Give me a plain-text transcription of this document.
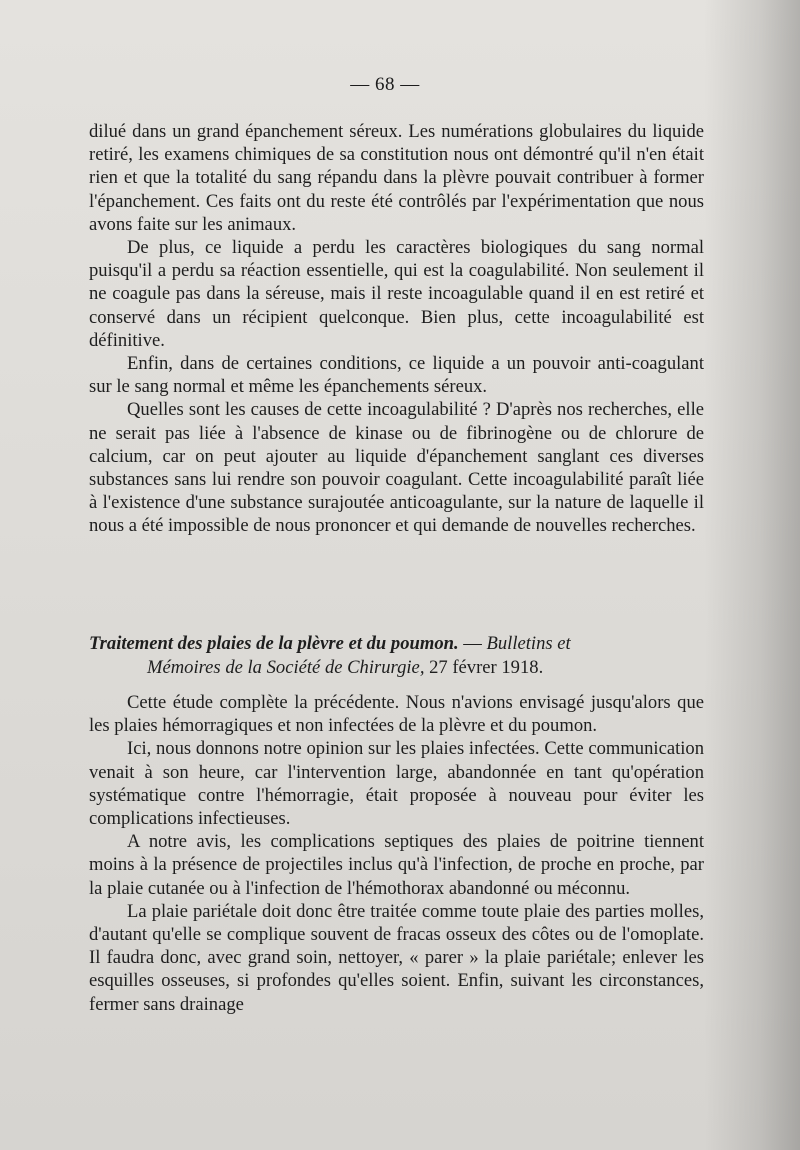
— 68 —

dilué dans un grand épanchement séreux. Les numérations globulaires du liquide retiré, les examens chimiques de sa constitution nous ont démontré qu'il n'en était rien et que la totalité du sang répandu dans la plèvre pouvait contribuer à former l'épanchement. Ces faits ont du reste été contrôlés par l'expérimentation que nous avons faite sur les animaux.

De plus, ce liquide a perdu les caractères biologiques du sang normal puisqu'il a perdu sa réaction essentielle, qui est la coagulabilité. Non seulement il ne coagule pas dans la séreuse, mais il reste incoagulable quand il en est retiré et conservé dans un récipient quelconque. Bien plus, cette incoagulabilité est définitive.

Enfin, dans de certaines conditions, ce liquide a un pouvoir anti-coagulant sur le sang normal et même les épanchements séreux.

Quelles sont les causes de cette incoagulabilité ? D'après nos recherches, elle ne serait pas liée à l'absence de kinase ou de fibrinogène ou de chlorure de calcium, car on peut ajouter au liquide d'épanchement sanglant ces diverses substances sans lui rendre son pouvoir coagulant. Cette incoagulabilité paraît liée à l'existence d'une substance surajoutée anticoagulante, sur la nature de laquelle il nous a été impossible de nous prononcer et qui demande de nouvelles recherches.

Traitement des plaies de la plèvre et du poumon. — Bulletins et
Mémoires de la Société de Chirurgie, 27 févrer 1918.

Cette étude complète la précédente. Nous n'avions envisagé jusqu'alors que les plaies hémorragiques et non infectées de la plèvre et du poumon.

Ici, nous donnons notre opinion sur les plaies infectées. Cette communication venait à son heure, car l'intervention large, abandonnée en tant qu'opération systématique contre l'hémorragie, était proposée à nouveau pour éviter les complications infectieuses.

A notre avis, les complications septiques des plaies de poitrine tiennent moins à la présence de projectiles inclus qu'à l'infection, de proche en proche, par la plaie cutanée ou à l'infection de l'hémothorax abandonné ou méconnu.

La plaie pariétale doit donc être traitée comme toute plaie des parties molles, d'autant qu'elle se complique souvent de fracas osseux des côtes ou de l'omoplate. Il faudra donc, avec grand soin, nettoyer, « parer » la plaie pariétale; enlever les esquilles osseuses, si profondes qu'elles soient. Enfin, suivant les circonstances, fermer sans drainage
